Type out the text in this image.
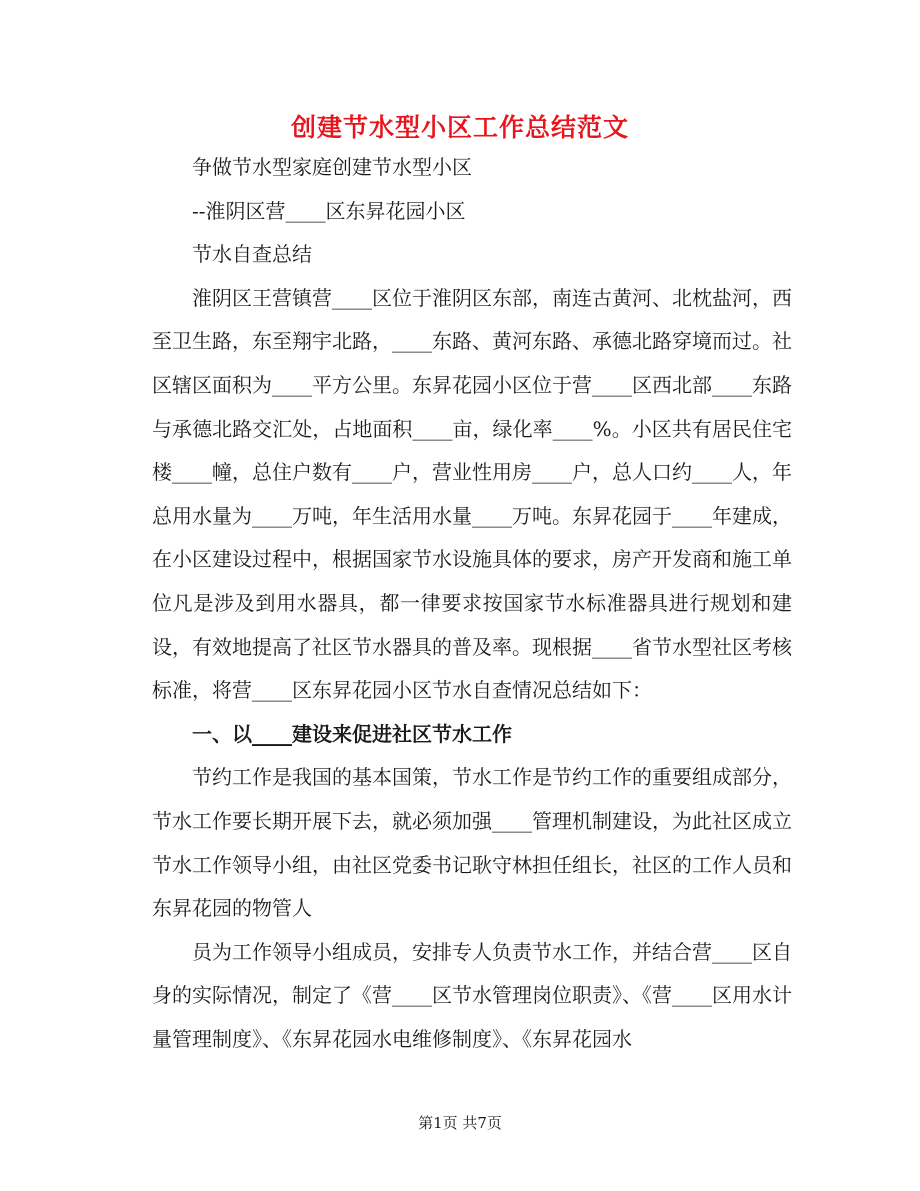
创建节水型小区工作总结范文

争做节水型家庭创建节水型小区

--淮阴区营____区东昇花园小区

节水自查总结

淮阴区王营镇营____区位于淮阴区东部，南连古黄河、北枕盐河，西至卫生路，东至翔宇北路，____东路、黄河东路、承德北路穿境而过。社区辖区面积为____平方公里。东昇花园小区位于营____区西北部____东路与承德北路交汇处，占地面积____亩，绿化率____%。小区共有居民住宅楼____幢，总住户数有____户，营业性用房____户，总人口约____人，年总用水量为____万吨，年生活用水量____万吨。东昇花园于____年建成，在小区建设过程中，根据国家节水设施具体的要求，房产开发商和施工单位凡是涉及到用水器具，都一律要求按国家节水标准器具进行规划和建设，有效地提高了社区节水器具的普及率。现根据____省节水型社区考核标准，将营____区东昇花园小区节水自查情况总结如下：

一、以____建设来促进社区节水工作

节约工作是我国的基本国策，节水工作是节约工作的重要组成部分，节水工作要长期开展下去，就必须加强____管理机制建设，为此社区成立节水工作领导小组，由社区党委书记耿守林担任组长，社区的工作人员和东昇花园的物管人

员为工作领导小组成员，安排专人负责节水工作，并结合营____区自身的实际情况，制定了《营____区节水管理岗位职责》、《营____区用水计量管理制度》、《东昇花园水电维修制度》、《东昇花园水

第1页 共7页
